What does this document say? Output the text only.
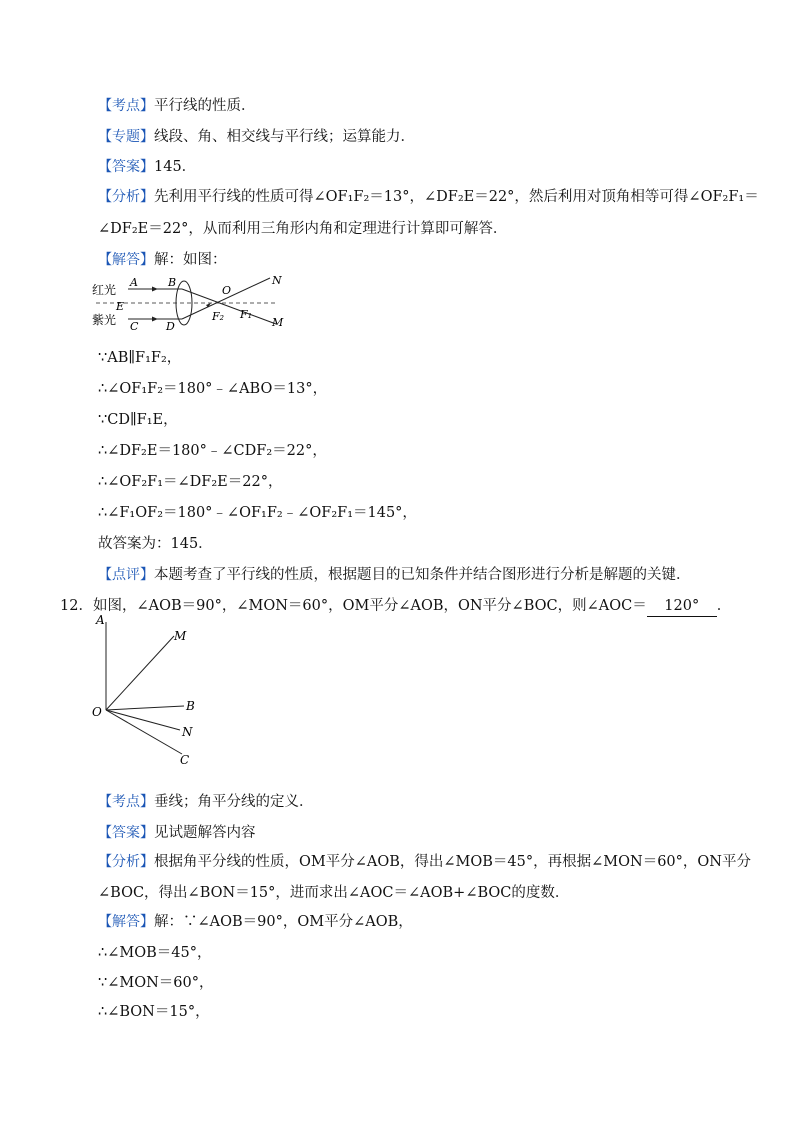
【考点】平行线的性质．
【专题】线段、角、相交线与平行线；运算能力．
【答案】145．
【分析】先利用平行线的性质可得∠OF₁F₂＝13°，∠DF₂E＝22°，然后利用对顶角相等可得∠OF₂F₁＝
∠DF₂E＝22°，从而利用三角形内角和定理进行计算即可解答．
【解答】解：如图：
红光
紫光
A	B
O
N
E
C	D
F₂ F₁
M
∵AB∥F₁F₂，
∴∠OF₁F₂＝180°﹣∠ABO＝13°，
∵CD∥F₁E，
∴∠DF₂E＝180°﹣∠CDF₂＝22°，
∴∠OF₂F₁＝∠DF₂E＝22°，
∴∠F₁OF₂＝180°﹣∠OF₁F₂﹣∠OF₂F₁＝145°，
故答案为：145．
【点评】本题考查了平行线的性质，根据题目的已知条件并结合图形进行分析是解题的关键．
12．如图，∠AOB＝90°，∠MON＝60°，OM平分∠AOB，ON平分∠BOC，则∠AOC＝ 120° ．
A
M
O	B
N
C
【考点】垂线；角平分线的定义．
【答案】见试题解答内容
【分析】根据角平分线的性质，OM平分∠AOB，得出∠MOB＝45°，再根据∠MON＝60°，ON平分
∠BOC，得出∠BON＝15°，进而求出∠AOC＝∠AOB+∠BOC的度数．
【解答】解：∵∠AOB＝90°，OM平分∠AOB，
∴∠MOB＝45°，
∵∠MON＝60°，
∴∠BON＝15°，
